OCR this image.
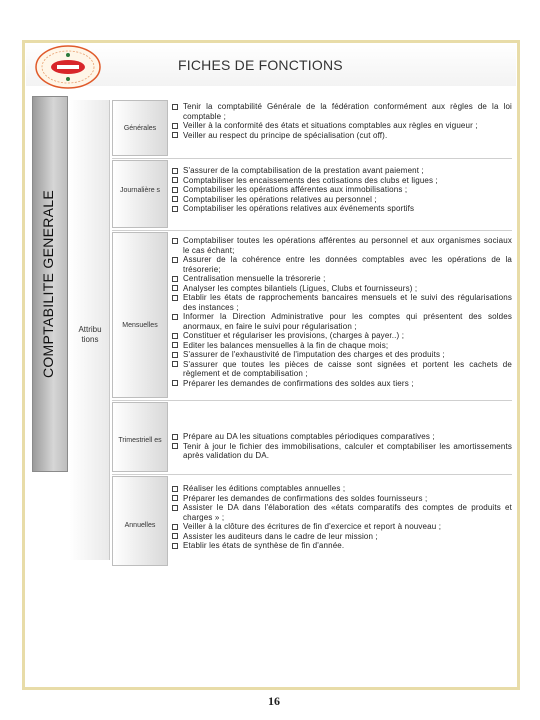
FICHES DE FONCTIONS
COMPTABILITE GENERALE	Attribu tions
Générales
Journalière s
Mensuelles
Trimestriell es
Annuelles
Tenir la comptabilité Générale de la fédération conformément aux règles de la loi comptable ;
Veiller à la conformité des états et situations comptables aux règles en vigueur ;
Veiller au respect du principe de spécialisation (cut off).
S'assurer de la comptabilisation de la prestation avant paiement ;
Comptabiliser les encaissements des cotisations des clubs et ligues ;
Comptabiliser les opérations afférentes aux immobilisations ;
Comptabiliser les opérations relatives au personnel ;
Comptabiliser les opérations relatives aux événements sportifs
Comptabiliser toutes les opérations afférentes au personnel et aux organismes sociaux le cas échant;
Assurer de la cohérence entre les données comptables avec les opérations de la trésorerie;
Centralisation mensuelle la trésorerie ;
Analyser les comptes bilantiels (Ligues, Clubs et fournisseurs) ;
Etablir les états de rapprochements bancaires mensuels et le suivi des régularisations des instances ;
Informer la Direction Administrative pour les comptes qui présentent des soldes anormaux, en faire le suivi pour régularisation ;
Constituer et régulariser les provisions, (charges à payer..) ;
Editer les balances mensuelles à la fin de chaque mois;
S'assurer de l'exhaustivité de l'imputation des charges et des produits ;
S'assurer que toutes les pièces de caisse sont signées et portent les cachets de règlement et de comptabilisation ;
Préparer les demandes de confirmations des soldes aux tiers ;
Prépare au DA les situations comptables périodiques comparatives ;
Tenir à jour le fichier des immobilisations, calculer et comptabiliser les amortissements après validation du DA.
Réaliser les éditions comptables annuelles ;
Préparer les demandes de confirmations des soldes fournisseurs ;
Assister le DA dans l'élaboration des «états comparatifs des comptes de produits et charges » ;
Veiller à la clôture des écritures de fin d'exercice et report à nouveau ;
Assister les auditeurs dans le cadre de leur mission ;
Etablir les états de synthèse de fin d'année.
16
